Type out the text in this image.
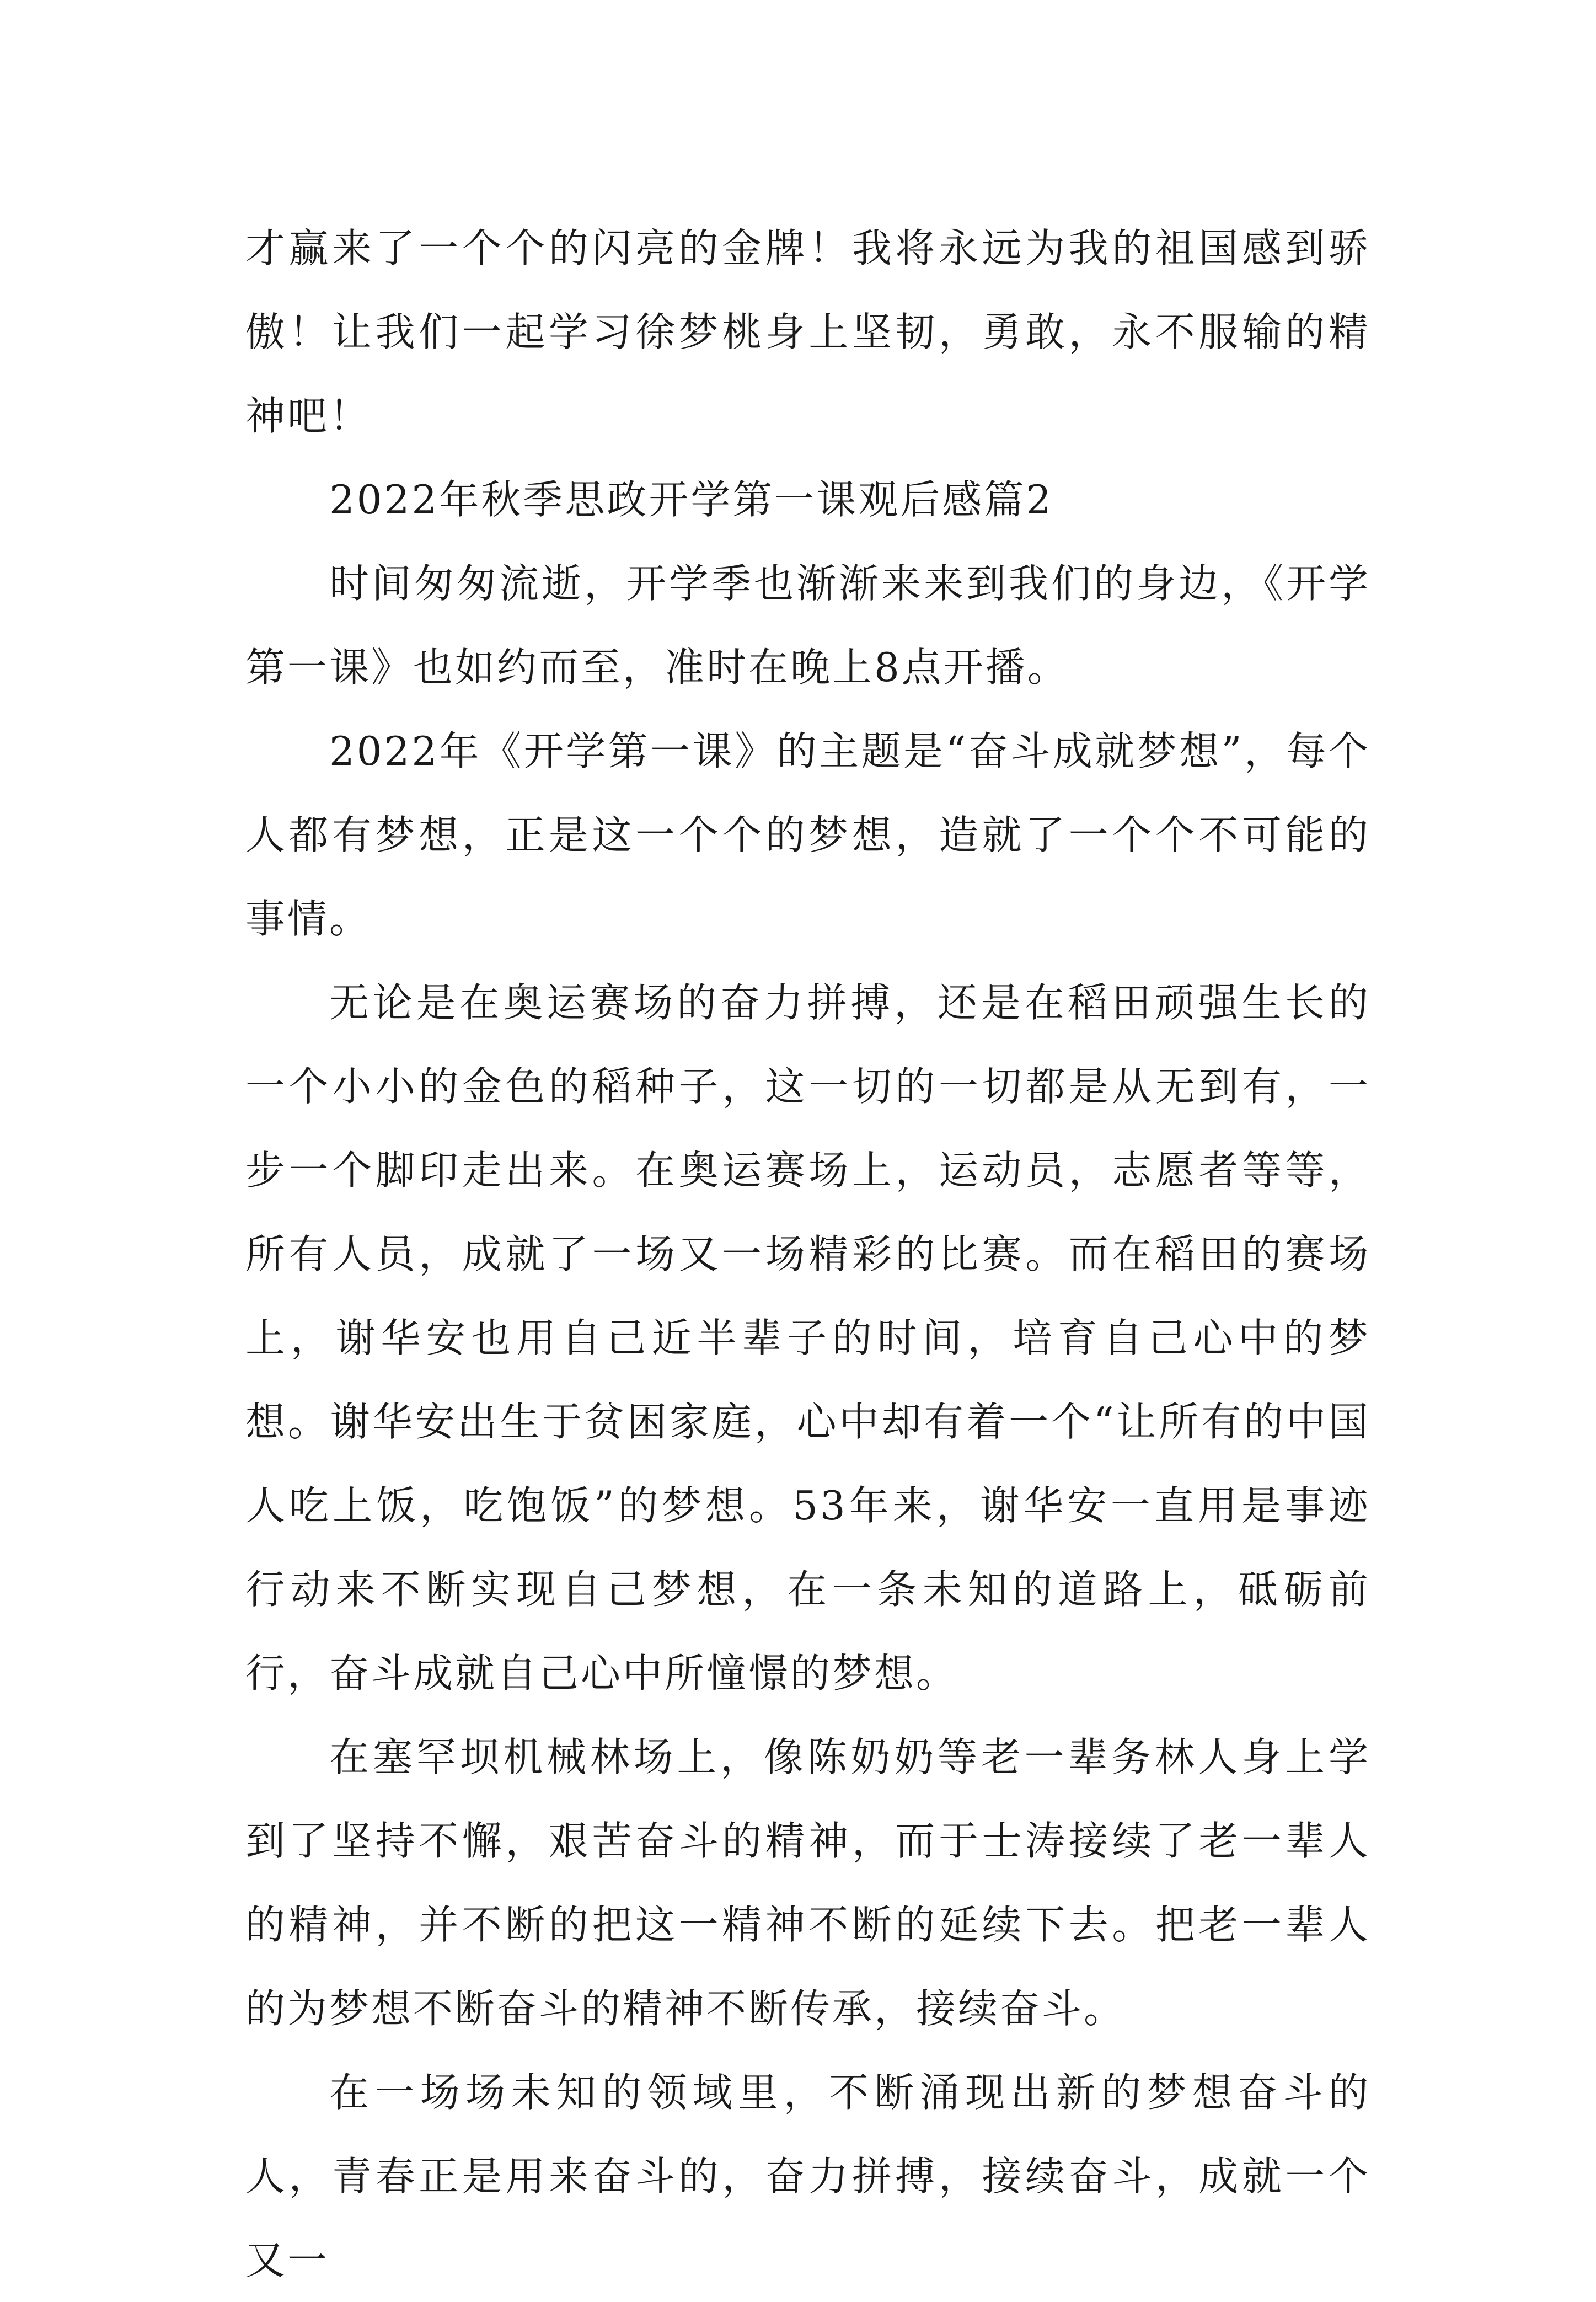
才赢来了一个个的闪亮的金牌！我将永远为我的祖国感到骄傲！让我们一起学习徐梦桃身上坚韧，勇敢，永不服输的精神吧！

2022年秋季思政开学第一课观后感篇2

时间匆匆流逝，开学季也渐渐来来到我们的身边，《开学第一课》也如约而至，准时在晚上8点开播。

2022年《开学第一课》的主题是“奋斗成就梦想”，每个人都有梦想，正是这一个个的梦想，造就了一个个不可能的事情。

无论是在奥运赛场的奋力拼搏，还是在稻田顽强生长的一个小小的金色的稻种子，这一切的一切都是从无到有，一步一个脚印走出来。在奥运赛场上，运动员，志愿者等等，所有人员，成就了一场又一场精彩的比赛。而在稻田的赛场上，谢华安也用自己近半辈子的时间，培育自己心中的梦想。谢华安出生于贫困家庭，心中却有着一个“让所有的中国人吃上饭，吃饱饭”的梦想。53年来，谢华安一直用是事迹行动来不断实现自己梦想，在一条未知的道路上，砥砺前行，奋斗成就自己心中所憧憬的梦想。

在塞罕坝机械林场上，像陈奶奶等老一辈务林人身上学到了坚持不懈，艰苦奋斗的精神，而于士涛接续了老一辈人的精神，并不断的把这一精神不断的延续下去。把老一辈人的为梦想不断奋斗的精神不断传承，接续奋斗。

在一场场未知的领域里，不断涌现出新的梦想奋斗的人，青春正是用来奋斗的，奋力拼搏，接续奋斗，成就一个又一
